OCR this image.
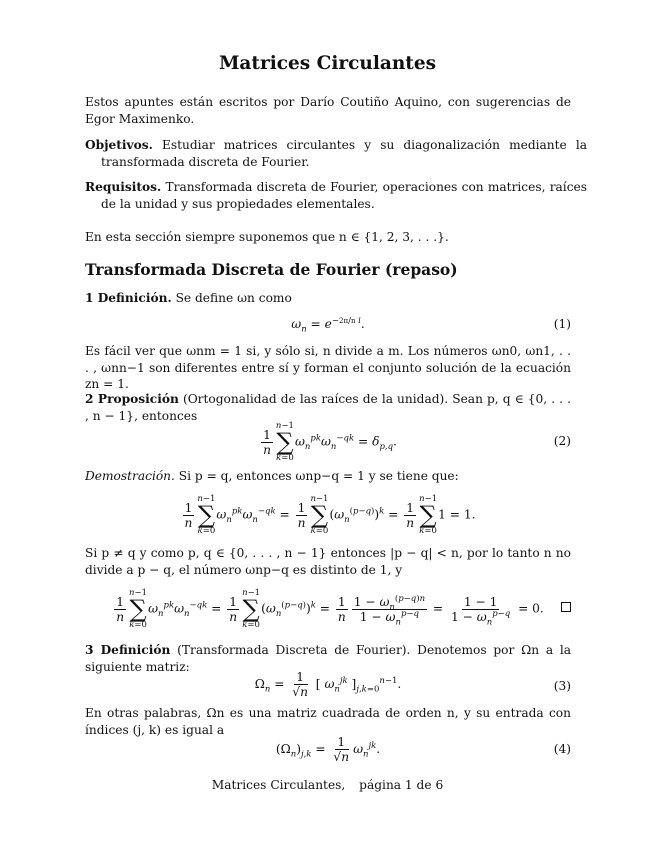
Matrices Circulantes
Estos apuntes están escritos por Darío Coutiño Aquino, con sugerencias de Egor Maximenko.
Objetivos. Estudiar matrices circulantes y su diagonalización mediante la transformada discreta de Fourier.
Requisitos. Transformada discreta de Fourier, operaciones con matrices, raíces de la unidad y sus propiedades elementales.
En esta sección siempre suponemos que n ∈ {1, 2, 3, . . .}.
Transformada Discreta de Fourier (repaso)
1 Definición. Se define ωn como
$\omega_n = e^{-2\pi/n i}$.	(1)
Es fácil ver que ωnm = 1 si, y sólo si, n divide a m. Los números ωn0, ωn1, . . . , ωnn−1 son diferentes entre sí y forman el conjunto solución de la ecuación zn = 1.
2 Proposición (Ortogonalidad de las raíces de la unidad). Sean p, q ∈ {0, . . . , n − 1}, entonces
$\frac{1}{n}$
n−1
∑
k=0
$\omega_n^{pk}\omega_n^{-qk} = \delta_{p,q}$.	(2)
Demostración. Si p = q, entonces ωnp−q = 1 y se tiene que:
$\frac{1}{n}$
n−1
∑
k=0
$\omega_n^{pk}\omega_n^{-qk} = \frac{1}{n}$
n−1
∑
k=0
$(\omega_n^{(p-q)})^k = \frac{1}{n}$
n−1
∑
k=0
1 = 1.
Si p ≠ q y como p, q ∈ {0, . . . , n − 1} entonces |p − q| < n, por lo tanto n no divide a p − q, el número ωnp−q es distinto de 1, y
$\frac{1}{n}$
n−1
∑
k=0
$\omega_n^{pk}\omega_n^{-qk} = \frac{1}{n}$
n−1
∑
k=0
$(\omega_n^{(p-q)})^k = \frac{1}{n} \frac{1 - \omega_n^{(p-q)n}}{1 - \omega_n^{p-q}} = \frac{1 - 1}{1 - \omega_n^{p-q}} = 0$.
3 Definición (Transformada Discreta de Fourier). Denotemos por Ωn a la siguiente matriz:
$\Omega_n = \frac{1}{√n}$ [ $\omega_n^{jk}$ ]$_{j,k=0}^{n-1}$.	(3)
En otras palabras, Ωn es una matriz cuadrada de orden n, y su entrada con índices (j, k) es igual a
$(\Omega_n)_{j,k} = \frac{1}{√n} \omega_n^{jk}$.	(4)
Matrices Circulantes, página 1 de 6
